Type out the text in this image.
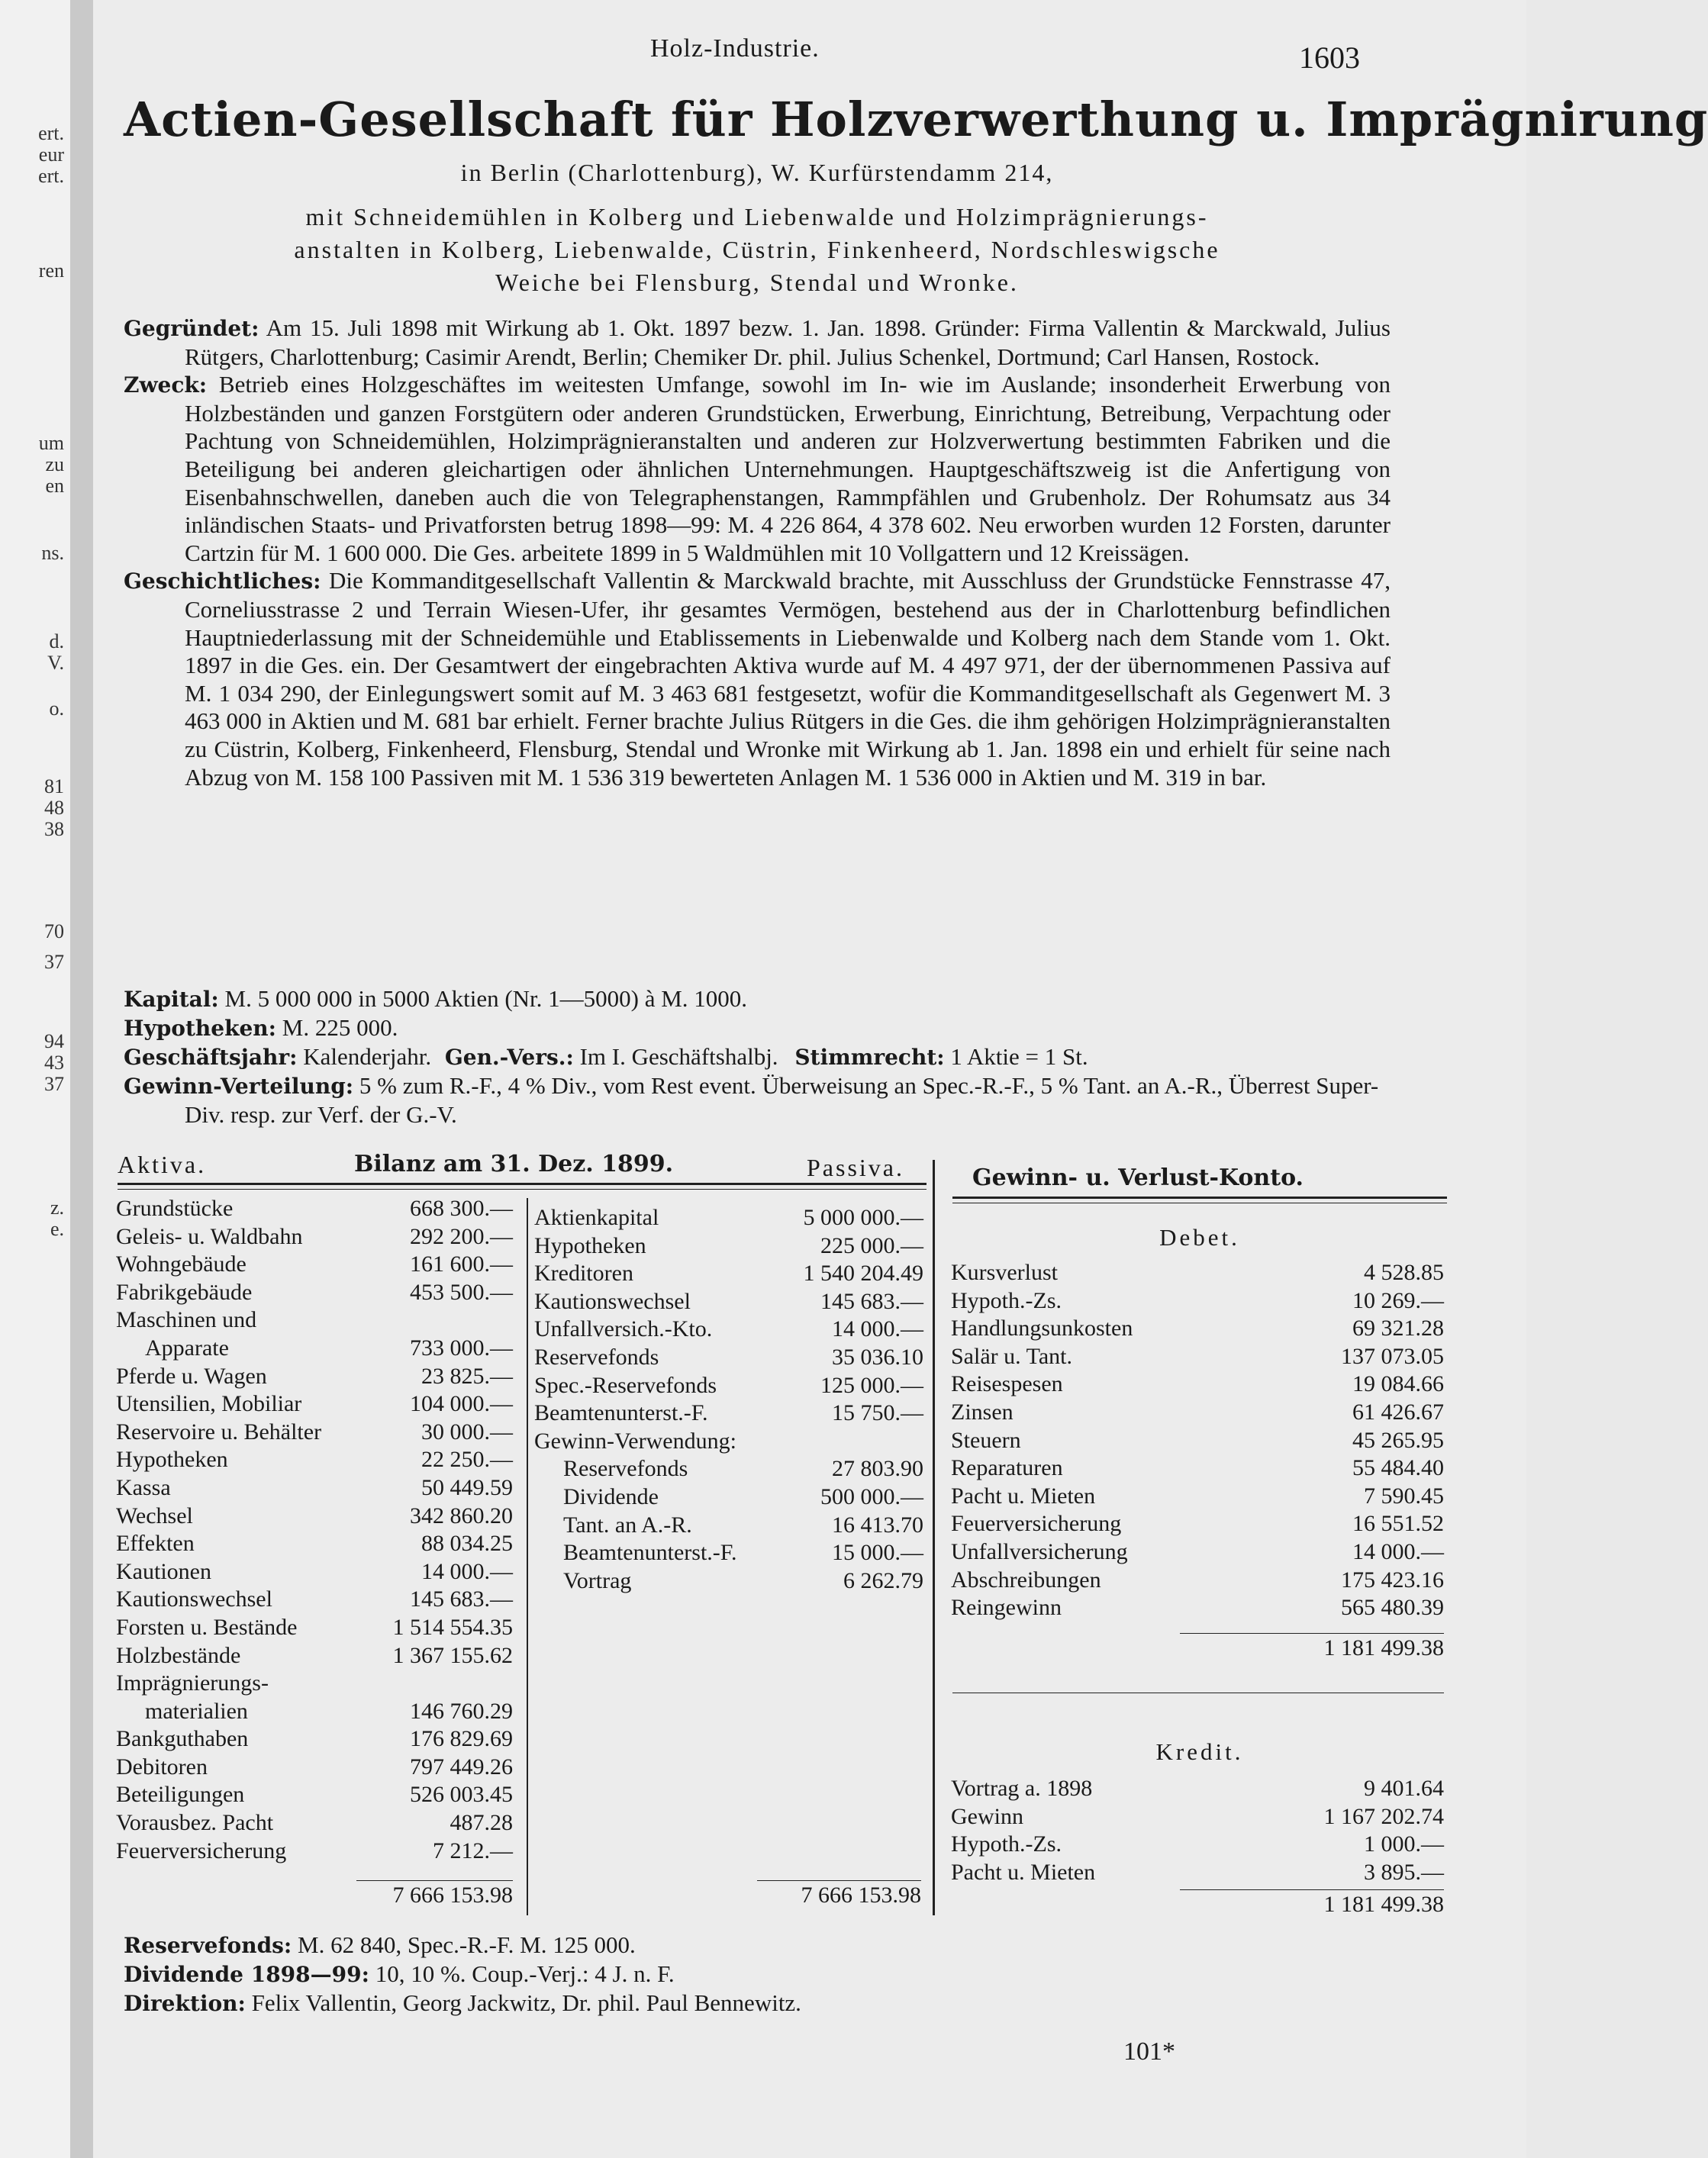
ert.
eur
ert.
ren
um
zu
en
ns.
d.
V.
o.
81
48
38
70
37
94
43
37
z.
e.
Holz-Industrie.	1603
Actien-Gesellschaft für Holzverwerthung u. Imprägnirung
in Berlin (Charlottenburg), W. Kurfürstendamm 214,
mit Schneidemühlen in Kolberg und Liebenwalde und Holzimprägnierungs-
anstalten in Kolberg, Liebenwalde, Cüstrin, Finkenheerd, Nordschleswigsche
Weiche bei Flensburg, Stendal und Wronke.

Gegründet: Am 15. Juli 1898 mit Wirkung ab 1. Okt. 1897 bezw. 1. Jan. 1898. Gründer: Firma Vallentin & Marckwald, Julius Rütgers, Charlottenburg; Casimir Arendt, Berlin; Chemiker Dr. phil. Julius Schenkel, Dortmund; Carl Hansen, Rostock.

Zweck: Betrieb eines Holzgeschäftes im weitesten Umfange, sowohl im In- wie im Auslande; insonderheit Erwerbung von Holzbeständen und ganzen Forstgütern oder anderen Grundstücken, Erwerbung, Einrichtung, Betreibung, Verpachtung oder Pachtung von Schneidemühlen, Holzimprägnieranstalten und anderen zur Holzverwertung bestimmten Fabriken und die Beteiligung bei anderen gleichartigen oder ähnlichen Unternehmungen. Hauptgeschäftszweig ist die Anfertigung von Eisenbahnschwellen, daneben auch die von Telegraphenstangen, Rammpfählen und Grubenholz. Der Rohumsatz aus 34 inländischen Staats- und Privatforsten betrug 1898—99: M. 4 226 864, 4 378 602. Neu erworben wurden 12 Forsten, darunter Cartzin für M. 1 600 000. Die Ges. arbeitete 1899 in 5 Waldmühlen mit 10 Vollgattern und 12 Kreissägen.

Geschichtliches: Die Kommanditgesellschaft Vallentin & Marckwald brachte, mit Ausschluss der Grundstücke Fennstrasse 47, Corneliusstrasse 2 und Terrain Wiesen-Ufer, ihr gesamtes Vermögen, bestehend aus der in Charlottenburg befindlichen Hauptniederlassung mit der Schneidemühle und Etablissements in Liebenwalde und Kolberg nach dem Stande vom 1. Okt. 1897 in die Ges. ein. Der Gesamtwert der eingebrachten Aktiva wurde auf M. 4 497 971, der der übernommenen Passiva auf M. 1 034 290, der Einlegungswert somit auf M. 3 463 681 festgesetzt, wofür die Kommanditgesellschaft als Gegenwert M. 3 463 000 in Aktien und M. 681 bar erhielt. Ferner brachte Julius Rütgers in die Ges. die ihm gehörigen Holzimprägnieranstalten zu Cüstrin, Kolberg, Finkenheerd, Flensburg, Stendal und Wronke mit Wirkung ab 1. Jan. 1898 ein und erhielt für seine nach Abzug von M. 158 100 Passiven mit M. 1 536 319 bewerteten Anlagen M. 1 536 000 in Aktien und M. 319 in bar.

Kapital: M. 5 000 000 in 5000 Aktien (Nr. 1—5000) à M. 1000.

Hypotheken: M. 225 000.

Geschäftsjahr: Kalenderjahr. Gen.-Vers.: Im I. Geschäftshalbj. Stimmrecht: 1 Aktie = 1 St.

Gewinn-Verteilung: 5 % zum R.-F., 4 % Div., vom Rest event. Überweisung an Spec.-R.-F., 5 % Tant. an A.-R., Überrest Super-Div. resp. zur Verf. der G.-V.

Aktiva.	Bilanz am 31. Dez. 1899.	Passiva.	Gewinn- u. Verlust-Konto.
Grundstücke	668 300.—
Geleis- u. Waldbahn	292 200.—
Wohngebäude	161 600.—
Fabrikgebäude	453 500.—
Maschinen und
Apparate	733 000.—
Pferde u. Wagen	23 825.—
Utensilien, Mobiliar	104 000.—
Reservoire u. Behälter	30 000.—
Hypotheken	22 250.—
Kassa	50 449.59
Wechsel	342 860.20
Effekten	88 034.25
Kautionen	14 000.—
Kautionswechsel	145 683.—
Forsten u. Bestände	1 514 554.35
Holzbestände	1 367 155.62
Imprägnierungs-
materialien	146 760.29
Bankguthaben	176 829.69
Debitoren	797 449.26
Beteiligungen	526 003.45
Vorausbez. Pacht	487.28
Feuerversicherung	7 212.—
7 666 153.98
Aktienkapital	5 000 000.—
Hypotheken	225 000.—
Kreditoren	1 540 204.49
Kautionswechsel	145 683.—
Unfallversich.-Kto.	14 000.—
Reservefonds	35 036.10
Spec.-Reservefonds	125 000.—
Beamtenunterst.-F.	15 750.—
Gewinn-Verwendung:
Reservefonds	27 803.90
Dividende	500 000.—
Tant. an A.-R.	16 413.70
Beamtenunterst.-F.	15 000.—
Vortrag	6 262.79
7 666 153.98
Debet.
Kursverlust	4 528.85
Hypoth.-Zs.	10 269.—
Handlungsunkosten	69 321.28
Salär u. Tant.	137 073.05
Reisespesen	19 084.66
Zinsen	61 426.67
Steuern	45 265.95
Reparaturen	55 484.40
Pacht u. Mieten	7 590.45
Feuerversicherung	16 551.52
Unfallversicherung	14 000.—
Abschreibungen	175 423.16
Reingewinn	565 480.39
1 181 499.38
Kredit.
Vortrag a. 1898	9 401.64
Gewinn	1 167 202.74
Hypoth.-Zs.	1 000.—
Pacht u. Mieten	3 895.—
1 181 499.38

Reservefonds: M. 62 840, Spec.-R.-F. M. 125 000.

Dividende 1898—99: 10, 10 %. Coup.-Verj.: 4 J. n. F.

Direktion: Felix Vallentin, Georg Jackwitz, Dr. phil. Paul Bennewitz.

101*
